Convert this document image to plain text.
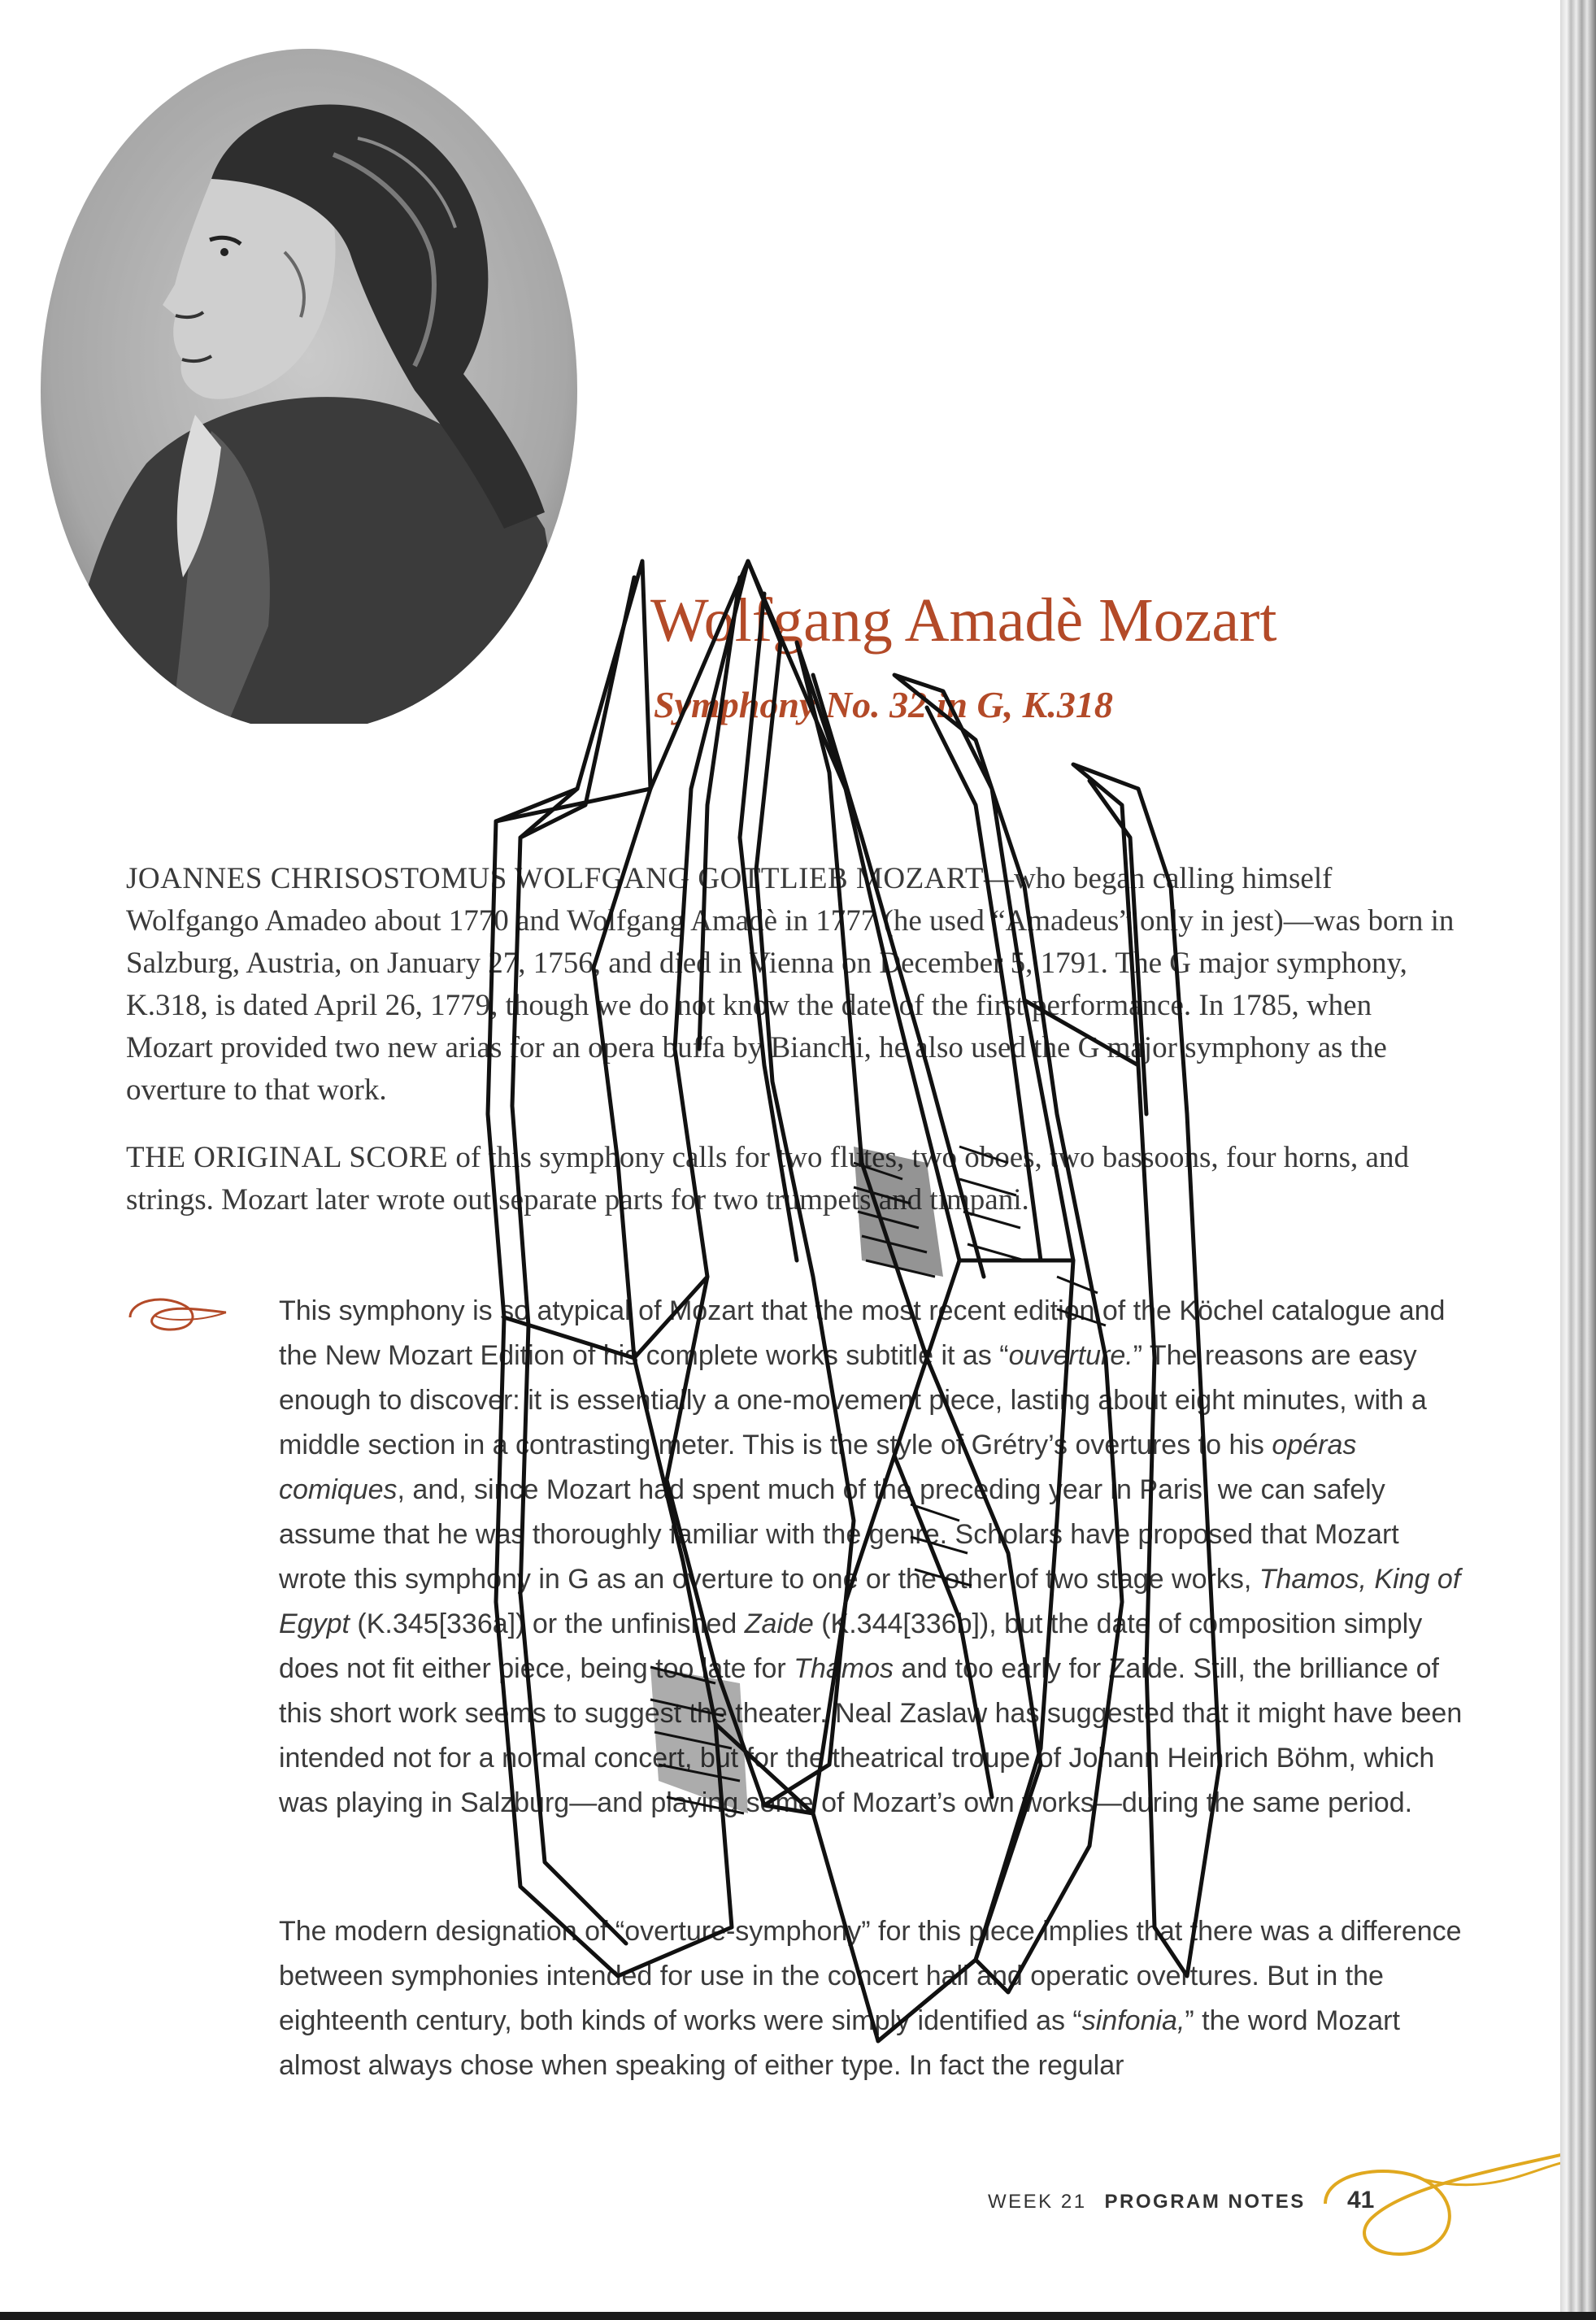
Wolfgang Amadè Mozart
Symphony No. 32 in G, K.318

JOANNES CHRISOSTOMUS WOLFGANG GOTTLIEB MOZART—who began calling himself Wolfgango Amadeo about 1770 and Wolfgang Amadè in 1777 (he used “Amadeus” only in jest)—was born in Salzburg, Austria, on January 27, 1756, and died in Vienna on December 5, 1791. The G major symphony, K.318, is dated April 26, 1779, though we do not know the date of the first performance. In 1785, when Mozart provided two new arias for an opera buffa by Bianchi, he also used the G major symphony as the overture to that work.

THE ORIGINAL SCORE of this symphony calls for two flutes, two oboes, two bassoons, four horns, and strings. Mozart later wrote out separate parts for two trumpets and timpani.

This symphony is so atypical of Mozart that the most recent edition of the Köchel catalogue and the New Mozart Edition of his complete works subtitle it as “ouverture.” The reasons are easy enough to discover: it is essentially a one-movement piece, lasting about eight minutes, with a middle section in a contrasting meter. This is the style of Grétry’s overtures to his opéras comiques, and, since Mozart had spent much of the preceding year in Paris, we can safely assume that he was thoroughly familiar with the genre. Scholars have proposed that Mozart wrote this symphony in G as an overture to one or the other of two stage works, Thamos, King of Egypt (K.345[336a]) or the unfinished Zaide (K.344[336b]), but the date of composition simply does not fit either piece, being too late for Thamos and too early for Zaide. Still, the brilliance of this short work seems to suggest the theater. Neal Zaslaw has suggested that it might have been intended not for a normal concert, but for the theatrical troupe of Johann Heinrich Böhm, which was playing in Salzburg—and playing some of Mozart’s own works—during the same period.

The modern designation of “overture-symphony” for this piece implies that there was a difference between symphonies intended for use in the concert hall and operatic overtures. But in the eighteenth century, both kinds of works were simply identified as “sinfonia,” the word Mozart almost always chose when speaking of either type. In fact the regular

WEEK 21 PROGRAM NOTES 41
